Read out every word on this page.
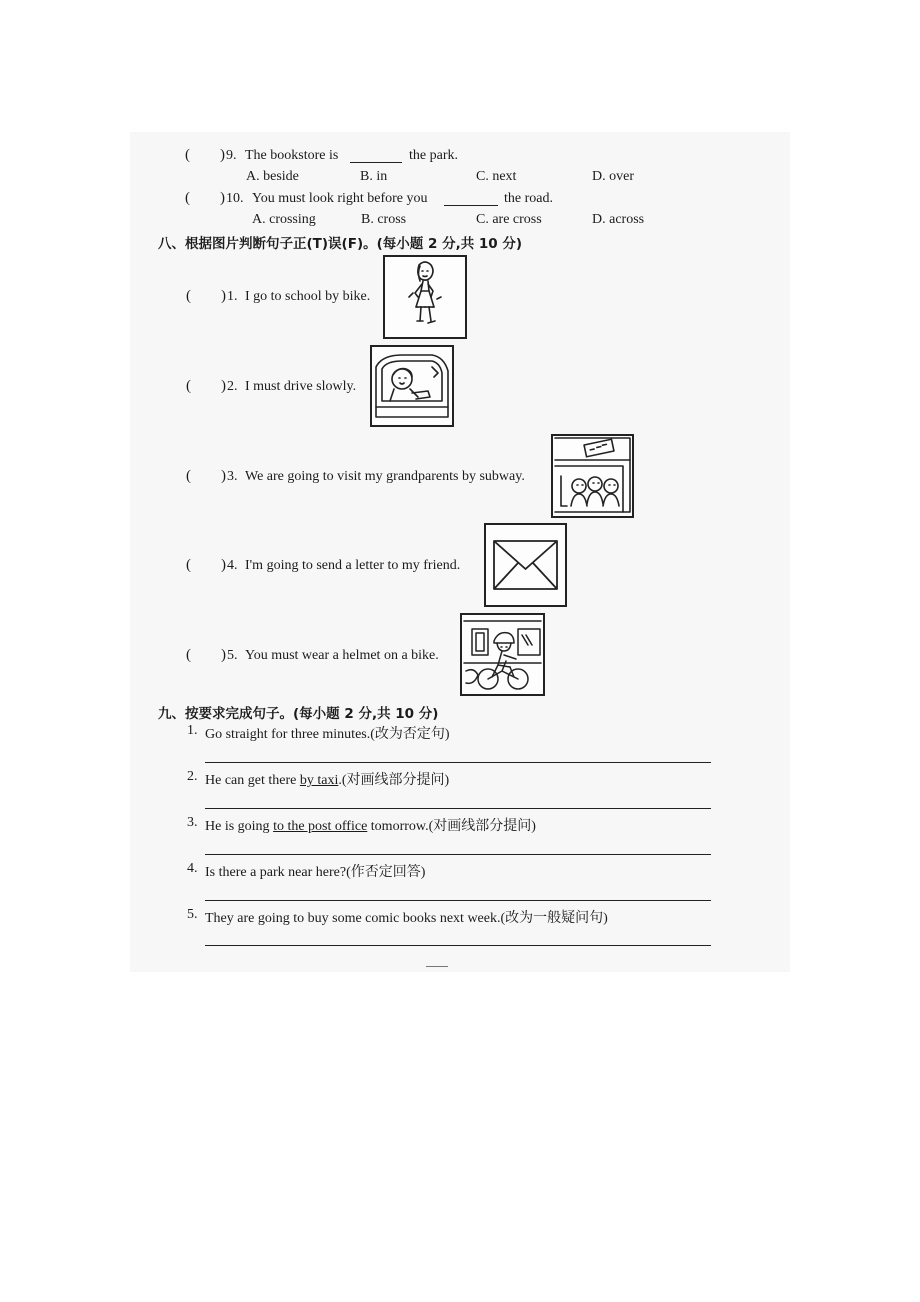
( ) 9. The bookstore is	the park.
A. beside	B. in	C. next	D. over
( ) 10. You must look right before you	the road.
A. crossing	B. cross	C. are cross	D. across
八、根据图片判断句子正(T)误(F)。(每小题 2 分,共 10 分)
( ) 1. I go to school by bike.
( ) 2. I must drive slowly.
( ) 3. We are going to visit my grandparents by subway.
( ) 4. I'm going to send a letter to my friend.
( ) 5. You must wear a helmet on a bike.
九、按要求完成句子。(每小题 2 分,共 10 分)
1. Go straight for three minutes.(改为否定句)
2. He can get there by taxi.(对画线部分提问)
3. He is going to the post office tomorrow.(对画线部分提问)
4. Is there a park near here?(作否定回答)
5. They are going to buy some comic books next week.(改为一般疑问句)
